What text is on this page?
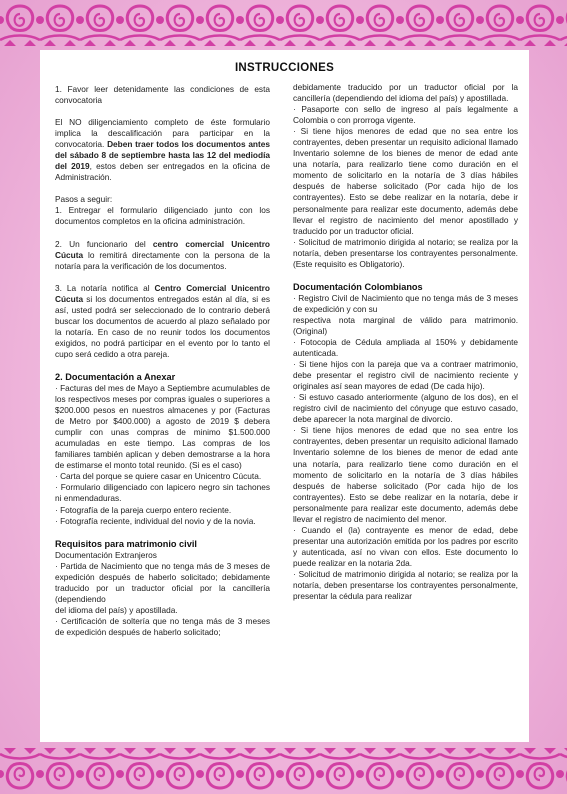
INSTRUCCIONES

1. Favor leer detenidamente las condiciones de esta convocatoria

El NO diligenciamiento completo de éste formulario implica la descalificación para participar en la convocatoria. Deben traer todos los documentos antes del sábado 8 de septiembre hasta las 12 del mediodía del 2019, estos deben ser entregados en la oficina de Administración.

Pasos a seguir:

1. Entregar el formulario diligenciado junto con los documentos completos en la oficina administración.

2. Un funcionario del centro comercial Unicentro Cúcuta lo remitirá directamente con la persona de la notaría para la verificación de los documentos.

3. La notaría notifica al Centro Comercial Unicentro Cúcuta si los documentos entregados están al día, si es así, usted podrá ser seleccionado de lo contrario deberá buscar los documentos de acuerdo al plazo señalado por la notaría. En caso de no reunir todos los documentos exigidos, no podrá participar en el evento por lo tanto el cupo será cedido a otra pareja.

2. Documentación a Anexar

· Facturas del mes de Mayo a Septiembre acumulables de los respectivos meses por compras iguales o superiores a $200.000 pesos en nuestros almacenes y por (Facturas de Metro por $400.000) a agosto de 2019 $ debera cumplir con unas compras de minimo $1.500.000 acumuladas en este tiempo. Las compras de los familiares también aplican y deben demostrarse a la hora de estimarse el monto total reunido. (Si es el caso)

· Carta del porque se quiere casar en Unicentro Cúcuta.

· Formulario diligenciado con lapicero negro sin tachones ni enmendaduras.

· Fotografía de la pareja cuerpo entero reciente.

· Fotografía reciente, individual del novio y de la novia.

Requisitos para matrimonio civil

Documentación Extranjeros

· Partida de Nacimiento que no tenga más de 3 meses de expedición después de haberlo solicitado; debidamente traducido por un traductor oficial por la cancillería (dependiendo

del idioma del país) y apostillada.

· Certificación de soltería que no tenga más de 3 meses de expedición después de haberlo solicitado;

debidamente traducido por un traductor oficial por la cancillería (dependiendo del idioma del país) y apostillada.

· Pasaporte con sello de ingreso al país legalmente a Colombia o con prorroga vigente.

· Si tiene hijos menores de edad que no sea entre los contrayentes, deben presentar un requisito adicional llamado Inventario solemne de los bienes de menor de edad ante una notaría, para realizarlo tiene como duración en el momento de solicitarlo en la notaría de 3 días hábiles después de haberse solicitado (Por cada hijo de los contrayentes). Esto se debe realizar en la notaría, debe ir personalmente para realizar este documento, además debe llevar el registro de nacimiento del menor apostillado y traducido por un traductor oficial.

· Solicitud de matrimonio dirigida al notario; se realiza por la notaría, deben presentarse los contrayentes personalmente. (Este requisito es Obligatorio).

Documentación Colombianos

· Registro Civil de Nacimiento que no tenga más de 3 meses de expedición y con su

respectiva nota marginal de válido para matrimonio. (Original)

· Fotocopia de Cédula ampliada al 150% y debidamente autenticada.

· Si tiene hijos con la pareja que va a contraer matrimonio, debe presentar el registro civil de nacimiento reciente y originales así sean mayores de edad (De cada hijo).

· Si estuvo casado anteriormente (alguno de los dos), en el registro civil de nacimiento del cónyuge que estuvo casado, debe aparecer la nota marginal de divorcio.

· Si tiene hijos menores de edad que no sea entre los contrayentes, deben presentar un requisito adicional llamado Inventario solemne de los bienes de menor de edad ante una notaría, para realizarlo tiene como duración en el momento de solicitarlo en la notaría de 3 días hábiles después de haberse solicitado (Por cada hijo de los contrayentes). Esto se debe realizar en la notaría, debe ir personalmente para realizar este documento, además debe llevar el registro de nacimiento del menor.

· Cuando el (la) contrayente es menor de edad, debe presentar una autorización emitida por los padres por escrito y autenticada, así no vivan con ellos. Este documento lo puede realizar en la notaria 2da.

· Solicitud de matrimonio dirigida al notario; se realiza por la notaría, deben presentarse los contrayentes personalmente, presentar la cédula para realizar
